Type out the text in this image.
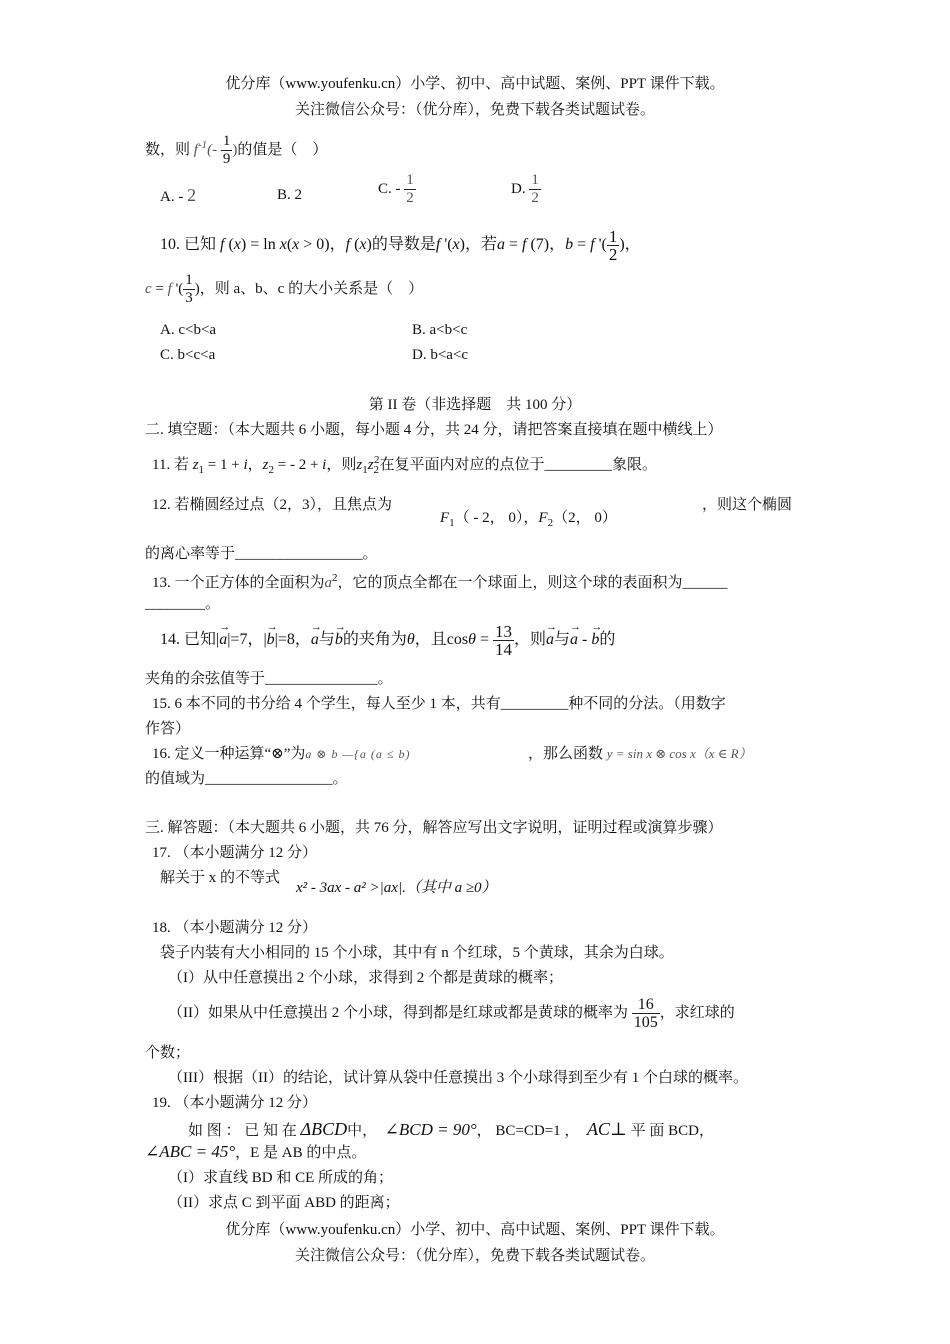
优分库（www.youfenku.cn）小学、初中、高中试题、案例、PPT 课件下载。
关注微信公众号：（优分库），免费下载各类试题试卷。
数，则 $f^{-1}(- \frac{1}{9}$ )的值是（　）
A. - 2	B. 2	C. - $\frac{1}{2}$	D. $\frac{1}{2}$
10. 已知 f (x) = ln x(x > 0)，f (x)的导数是f '(x)，若a = f (7)，b = f '( $\frac{1}{2}$ )，
c = f '( $\frac{1}{3}$ )，则 a、b、c 的大小关系是（　）
A. c<b<a	B. a<b<c
C. b<c<a	D. b<a<c
第 II 卷（非选择题　共 100 分）
二. 填空题：（本大题共 6 小题，每小题 4 分，共 24 分，请把答案直接填在题中横线上）
11. 若 $z_1 = 1 + i$，$z_2$ = - 2 + i，则$z_1z_2^2$在复平面内对应的点位于_________象限。
12. 若椭圆经过点（2，3），且焦点为
$F_1( - 2$， 0），$F_2(2$， 0）
，则这个椭圆
的离心率等于_________________。
13. 一个正方体的全面积为$a^2$，它的顶点全都在一个球面上，则这个球的表面积为______
________。
14. 已知|→ a|=7，|→ b|=8，→ a与→ b的夹角为θ，且$\cos\theta = \frac{13}{14}$ ，则→ a与→ a - → b的
夹角的余弦值等于_______________。
15. 6 本不同的书分给 4 个学生，每人至少 1 本，共有_________种不同的分法。（用数字
作答）
16. 定义一种运算“⊗”为a ⊗ b —{a (a ≤ b)	，那么函数 y = sin x ⊗ cos x（x ∈ R）
的值域为_________________。
三. 解答题：（本大题共 6 小题，共 76 分，解答应写出文字说明，证明过程或演算步骤）
17. （本小题满分 12 分）
解关于 x 的不等式
x² - 3ax - a² >|ax|.（其中 a ≥0）
18. （本小题满分 12 分）
袋子内装有大小相同的 15 个小球，其中有 n 个红球，5 个黄球，其余为白球。
（I）从中任意摸出 2 个小球，求得到 2 个都是黄球的概率；
（II）如果从中任意摸出 2 个小球，得到都是红球或都是黄球的概率为 $\frac{16}{105}$ ，求红球的
个数；
（III）根据（II）的结论，试计算从袋中任意摸出 3 个小球得到至少有 1 个白球的概率。
19. （本小题满分 12 分）
如 图 ： 已 知 在 ΔBCD中，　 ∠BCD = 90°， BC=CD=1 ，　 AC⊥ 平 面 BCD，
∠ABC = 45°，E 是 AB 的中点。
（I）求直线 BD 和 CE 所成的角；
（II）求点 C 到平面 ABD 的距离；
优分库（www.youfenku.cn）小学、初中、高中试题、案例、PPT 课件下载。
关注微信公众号：（优分库），免费下载各类试题试卷。
